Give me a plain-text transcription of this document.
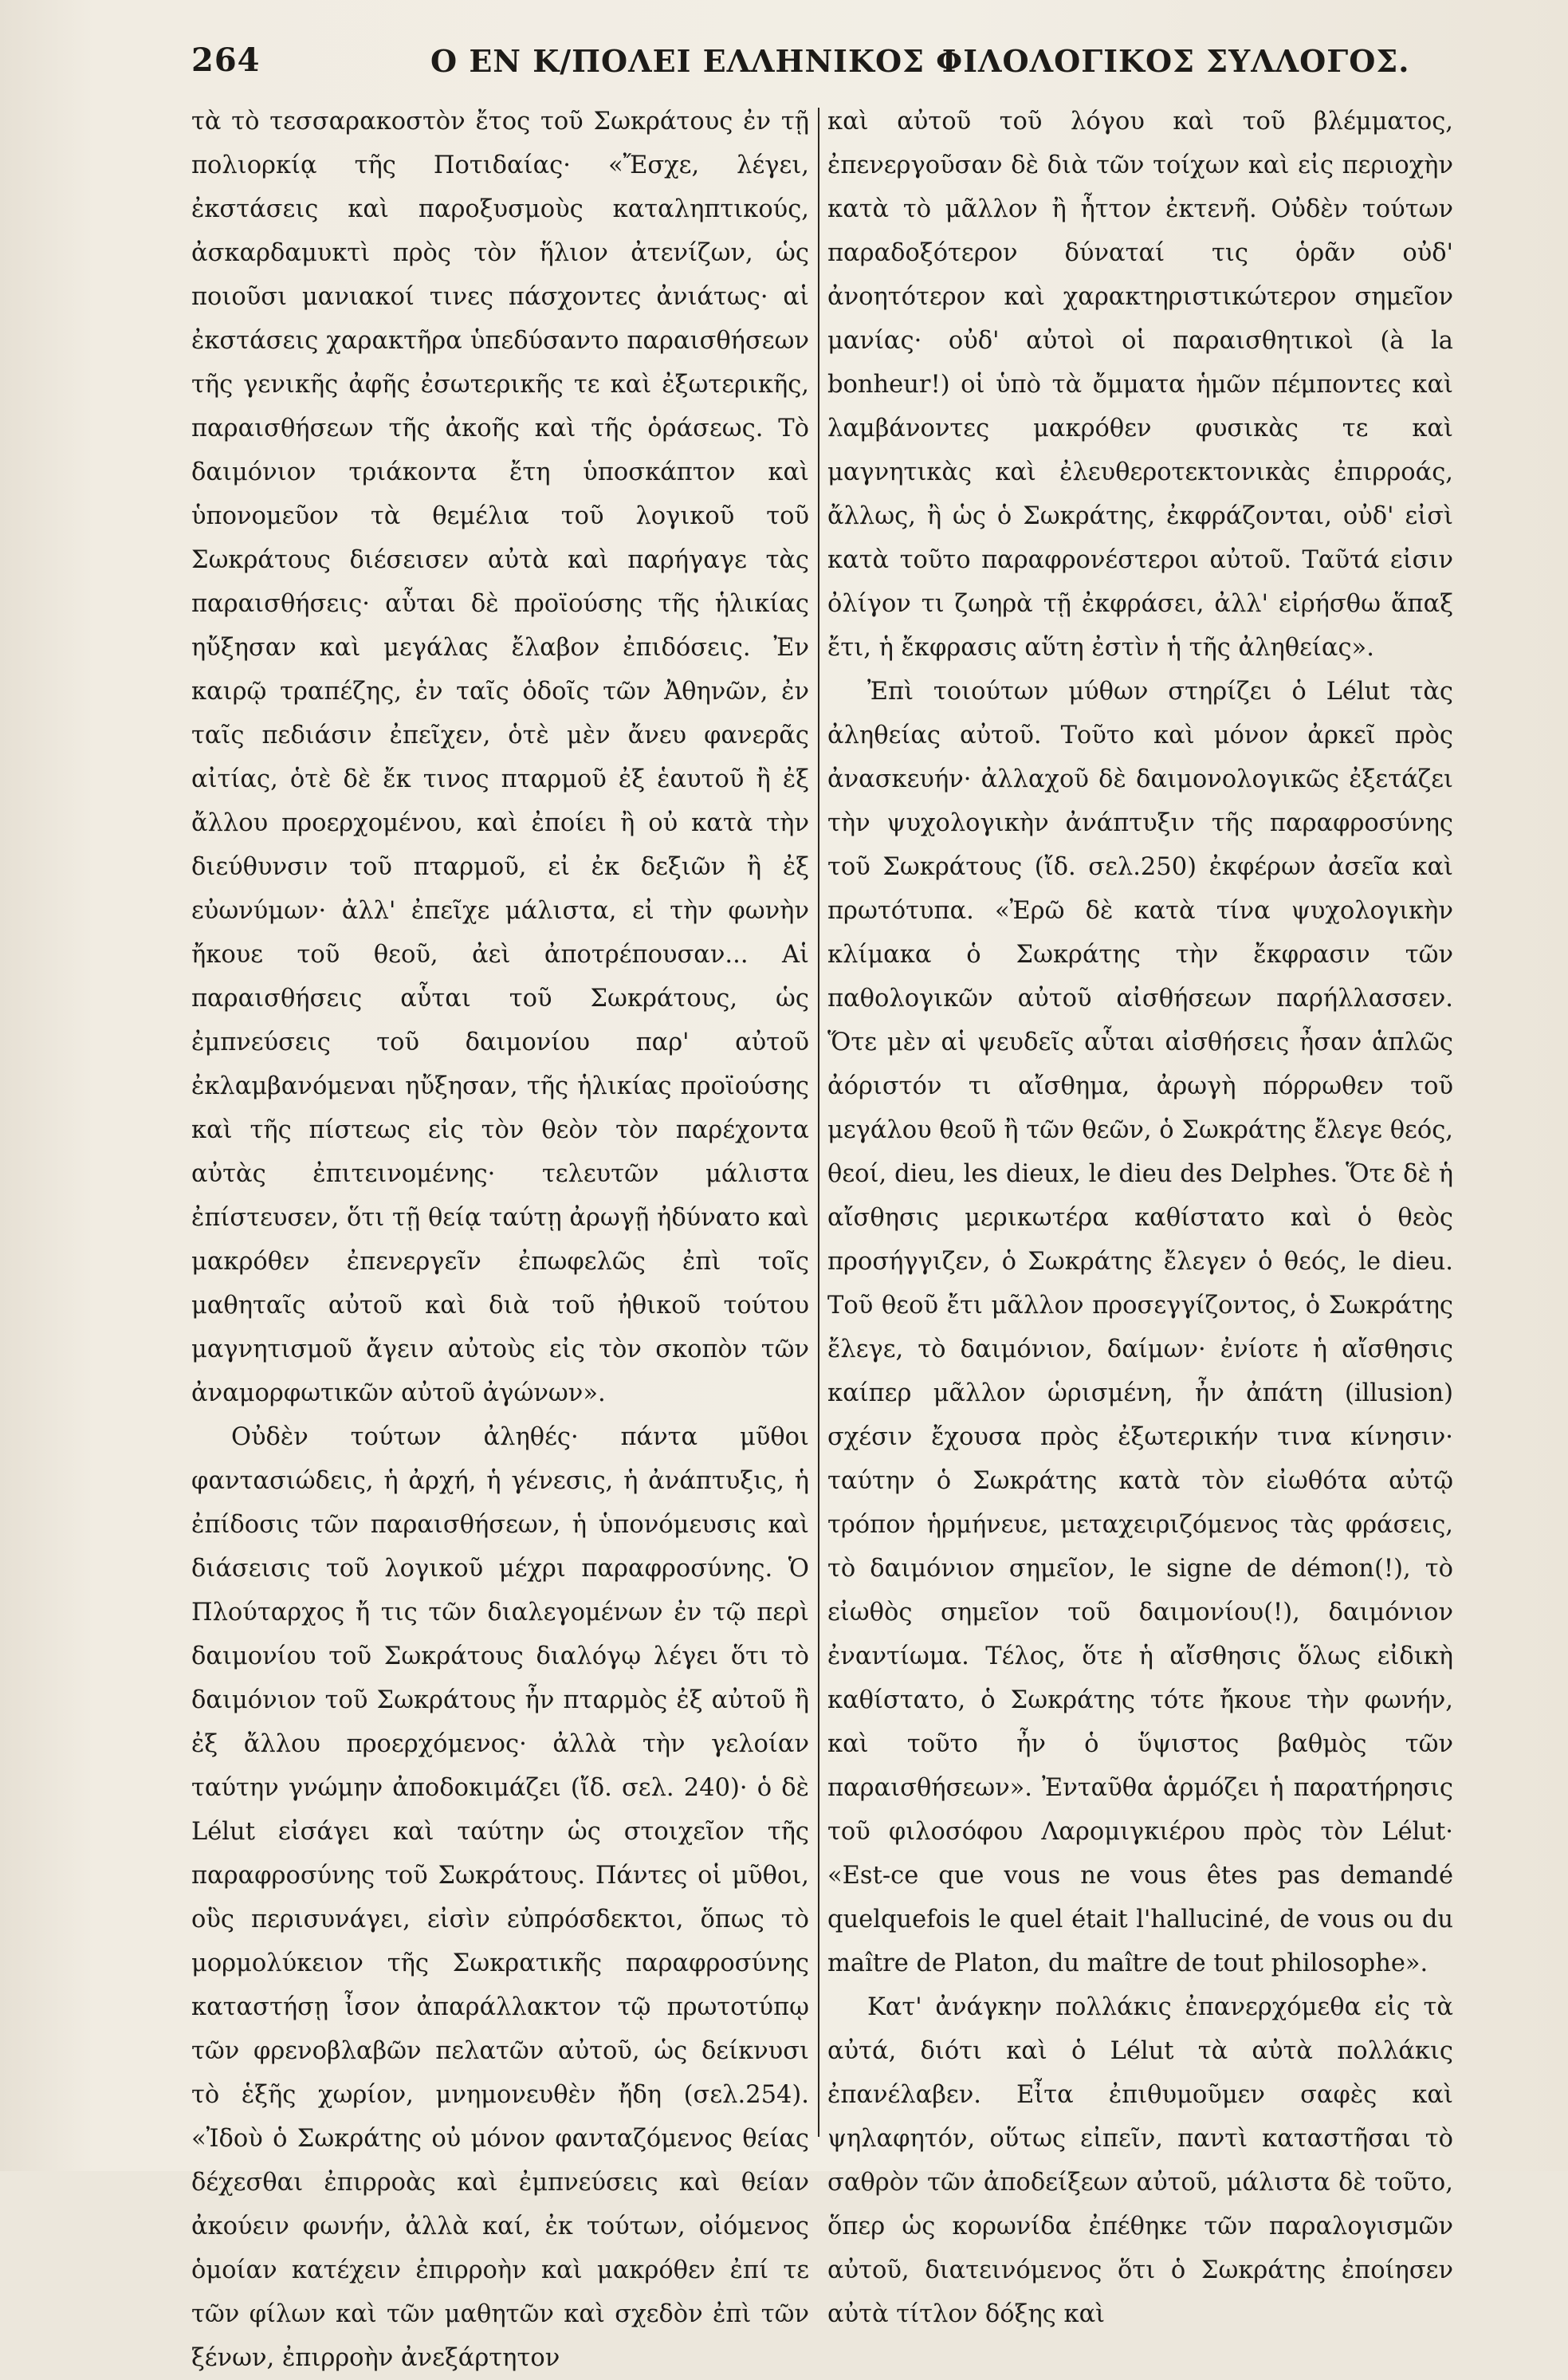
264	Ο ΕΝ Κ/ΠΟΛΕΙ ΕΛΛΗΝΙΚΟΣ ΦΙΛΟΛΟΓΙΚΟΣ ΣΥΛΛΟΓΟΣ.

τὰ τὸ τεσσαρακοστὸν ἔτος τοῦ Σωκράτους ἐν τῇ πολιορκίᾳ τῆς Ποτιδαίας· «Ἔσχε, λέγει, ἐκστάσεις καὶ παροξυσμοὺς καταληπτικούς, ἀσκαρδαμυκτὶ πρὸς τὸν ἥλιον ἀτενίζων, ὡς ποιοῦσι μανιακοί τινες πάσχοντες ἀνιάτως· αἱ ἐκστάσεις χαρακτῆρα ὑπεδύσαντο παραισθήσεων τῆς γενικῆς ἀφῆς ἐσωτερικῆς τε καὶ ἐξωτερικῆς, παραισθήσεων τῆς ἀκοῆς καὶ τῆς ὁράσεως. Τὸ δαιμόνιον τριάκοντα ἔτη ὑποσκάπτον καὶ ὑπονομεῦον τὰ θεμέλια τοῦ λογικοῦ τοῦ Σωκράτους διέσεισεν αὐτὰ καὶ παρήγαγε τὰς παραισθήσεις· αὗται δὲ προϊούσης τῆς ἡλικίας ηὔξησαν καὶ μεγάλας ἔλαβον ἐπιδόσεις. Ἐν καιρῷ τραπέζης, ἐν ταῖς ὁδοῖς τῶν Ἀθηνῶν, ἐν ταῖς πεδιάσιν ἐπεῖχεν, ὁτὲ μὲν ἄνευ φανερᾶς αἰτίας, ὁτὲ δὲ ἔκ τινος πταρμοῦ ἐξ ἑαυτοῦ ἢ ἐξ ἄλλου προερχομένου, καὶ ἐποίει ἢ οὐ κατὰ τὴν διεύθυνσιν τοῦ πταρμοῦ, εἰ ἐκ δεξιῶν ἢ ἐξ εὐωνύμων· ἀλλ' ἐπεῖχε μάλιστα, εἰ τὴν φωνὴν ἤκουε τοῦ θεοῦ, ἀεὶ ἀποτρέπουσαν... Αἱ παραισθήσεις αὗται τοῦ Σωκράτους, ὡς ἐμπνεύσεις τοῦ δαιμονίου παρ' αὐτοῦ ἐκλαμβανόμεναι ηὔξησαν, τῆς ἡλικίας προϊούσης καὶ τῆς πίστεως εἰς τὸν θεὸν τὸν παρέχοντα αὐτὰς ἐπιτεινομένης· τελευτῶν μάλιστα ἐπίστευσεν, ὅτι τῇ θείᾳ ταύτῃ ἀρωγῇ ἠδύνατο καὶ μακρόθεν ἐπενεργεῖν ἐπωφελῶς ἐπὶ τοῖς μαθηταῖς αὐτοῦ καὶ διὰ τοῦ ἠθικοῦ τούτου μαγνητισμοῦ ἄγειν αὐτοὺς εἰς τὸν σκοπὸν τῶν ἀναμορφωτικῶν αὐτοῦ ἀγώνων».

Οὐδὲν τούτων ἀληθές· πάντα μῦθοι φαντασιώδεις, ἡ ἀρχή, ἡ γένεσις, ἡ ἀνάπτυξις, ἡ ἐπίδοσις τῶν παραισθήσεων, ἡ ὑπονόμευσις καὶ διάσεισις τοῦ λογικοῦ μέχρι παραφροσύνης. Ὁ Πλούταρχος ἤ τις τῶν διαλεγομένων ἐν τῷ περὶ δαιμονίου τοῦ Σωκράτους διαλόγῳ λέγει ὅτι τὸ δαιμόνιον τοῦ Σωκράτους ἦν πταρμὸς ἐξ αὐτοῦ ἢ ἐξ ἄλλου προερχόμενος· ἀλλὰ τὴν γελοίαν ταύτην γνώμην ἀποδοκιμάζει (ἴδ. σελ. 240)· ὁ δὲ Lélut εἰσάγει καὶ ταύτην ὡς στοιχεῖον τῆς παραφροσύνης τοῦ Σωκράτους. Πάντες οἱ μῦθοι, οὓς περισυνάγει, εἰσὶν εὐπρόσδεκτοι, ὅπως τὸ μορμολύκειον τῆς Σωκρατικῆς παραφροσύνης καταστήσῃ ἶσον ἀπαράλλακτον τῷ πρωτοτύπῳ τῶν φρενοβλαβῶν πελατῶν αὐτοῦ, ὡς δείκνυσι τὸ ἑξῆς χωρίον, μνημονευθὲν ἤδη (σελ.254). «Ἰδοὺ ὁ Σωκράτης οὐ μόνον φανταζόμενος θείας δέχεσθαι ἐπιρροὰς καὶ ἐμπνεύσεις καὶ θείαν ἀκούειν φωνήν, ἀλλὰ καί, ἐκ τούτων, οἰόμενος ὁμοίαν κατέχειν ἐπιρροὴν καὶ μακρόθεν ἐπί τε τῶν φίλων καὶ τῶν μαθητῶν καὶ σχεδὸν ἐπὶ τῶν ξένων, ἐπιρροὴν ἀνεξάρτητον

καὶ αὐτοῦ τοῦ λόγου καὶ τοῦ βλέμματος, ἐπενεργοῦσαν δὲ διὰ τῶν τοίχων καὶ εἰς περιοχὴν κατὰ τὸ μᾶλλον ἢ ἧττον ἐκτενῆ. Οὐδὲν τούτων παραδοξότερον δύναταί τις ὁρᾶν οὐδ' ἀνοητότερον καὶ χαρακτηριστικώτερον σημεῖον μανίας· οὐδ' αὐτοὶ οἱ παραισθητικοὶ (à la bonheur!) οἱ ὑπὸ τὰ ὄμματα ἡμῶν πέμποντες καὶ λαμβάνοντες μακρόθεν φυσικὰς τε καὶ μαγνητικὰς καὶ ἐλευθεροτεκτονικὰς ἐπιρροάς, ἄλλως, ἢ ὡς ὁ Σωκράτης, ἐκφράζονται, οὐδ' εἰσὶ κατὰ τοῦτο παραφρονέστεροι αὐτοῦ. Ταῦτά εἰσιν ὀλίγον τι ζωηρὰ τῇ ἐκφράσει, ἀλλ' εἰρήσθω ἅπαξ ἔτι, ἡ ἔκφρασις αὕτη ἐστὶν ἡ τῆς ἀληθείας».

Ἐπὶ τοιούτων μύθων στηρίζει ὁ Lélut τὰς ἀληθείας αὐτοῦ. Τοῦτο καὶ μόνον ἀρκεῖ πρὸς ἀνασκευήν· ἀλλαχοῦ δὲ δαιμονολογικῶς ἐξετάζει τὴν ψυχολογικὴν ἀνάπτυξιν τῆς παραφροσύνης τοῦ Σωκράτους (ἴδ. σελ.250) ἐκφέρων ἀσεῖα καὶ πρωτότυπα. «Ἐρῶ δὲ κατὰ τίνα ψυχολογικὴν κλίμακα ὁ Σωκράτης τὴν ἔκφρασιν τῶν παθολογικῶν αὐτοῦ αἰσθήσεων παρήλλασσεν. Ὅτε μὲν αἱ ψευδεῖς αὗται αἰσθήσεις ἦσαν ἁπλῶς ἀόριστόν τι αἴσθημα, ἀρωγὴ πόρρωθεν τοῦ μεγάλου θεοῦ ἢ τῶν θεῶν, ὁ Σωκράτης ἔλεγε θεός, θεοί, dieu, les dieux, le dieu des Delphes. Ὅτε δὲ ἡ αἴσθησις μερικωτέρα καθίστατο καὶ ὁ θεὸς προσήγγιζεν, ὁ Σωκράτης ἔλεγεν ὁ θεός, le dieu. Τοῦ θεοῦ ἔτι μᾶλλον προσεγγίζοντος, ὁ Σωκράτης ἔλεγε, τὸ δαιμόνιον, δαίμων· ἐνίοτε ἡ αἴσθησις καίπερ μᾶλλον ὡρισμένη, ἦν ἀπάτη (illusion) σχέσιν ἔχουσα πρὸς ἐξωτερικήν τινα κίνησιν· ταύτην ὁ Σωκράτης κατὰ τὸν εἰωθότα αὐτῷ τρόπον ἡρμήνευε, μεταχειριζόμενος τὰς φράσεις, τὸ δαιμόνιον σημεῖον, le signe de démon(!), τὸ εἰωθὸς σημεῖον τοῦ δαιμονίου(!), δαιμόνιον ἐναντίωμα. Τέλος, ὅτε ἡ αἴσθησις ὅλως εἰδικὴ καθίστατο, ὁ Σωκράτης τότε ἤκουε τὴν φωνήν, καὶ τοῦτο ἦν ὁ ὕψιστος βαθμὸς τῶν παραισθήσεων». Ἐνταῦθα ἁρμόζει ἡ παρατήρησις τοῦ φιλοσόφου Λαρομιγκιέρου πρὸς τὸν Lélut· «Est-ce que vous ne vous êtes pas demandé quelquefois le quel était l'halluciné, de vous ou du maître de Platon, du maître de tout philosophe».

Κατ' ἀνάγκην πολλάκις ἐπανερχόμεθα εἰς τὰ αὐτά, διότι καὶ ὁ Lélut τὰ αὐτὰ πολλάκις ἐπανέλαβεν. Εἶτα ἐπιθυμοῦμεν σαφὲς καὶ ψηλαφητόν, οὕτως εἰπεῖν, παντὶ καταστῆσαι τὸ σαθρὸν τῶν ἀποδείξεων αὐτοῦ, μάλιστα δὲ τοῦτο, ὅπερ ὡς κορωνίδα ἐπέθηκε τῶν παραλογισμῶν αὐτοῦ, διατεινόμενος ὅτι ὁ Σωκράτης ἐποίησεν αὐτὰ τίτλον δόξης καὶ
